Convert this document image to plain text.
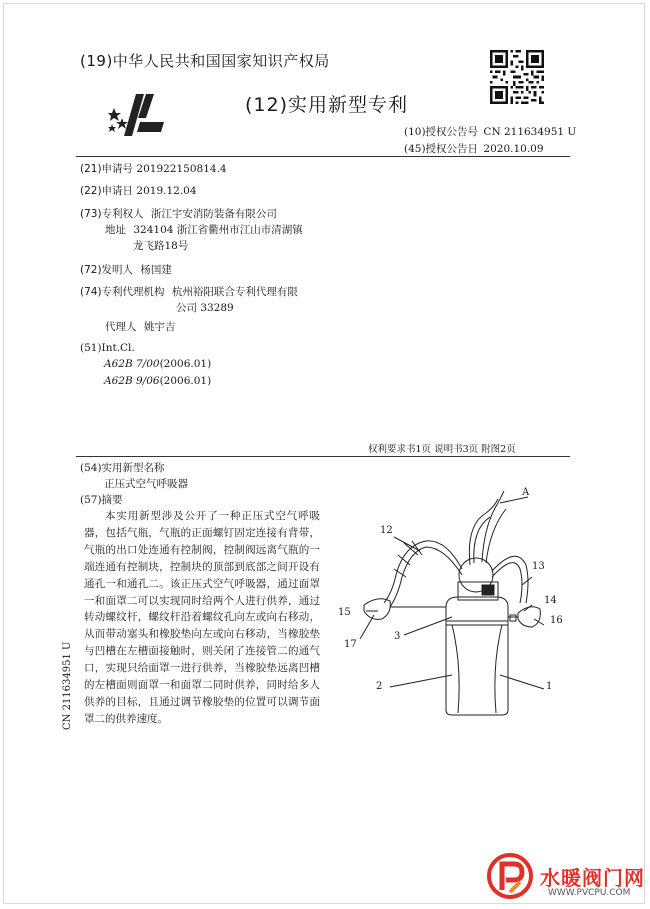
(19)中华人民共和国国家知识产权局
(12)实用新型专利
(10)授权公告号 CN 211634951 U
(45)授权公告日 2020.10.09
(21)申请号 201922150814.4
(22)申请日 2019.12.04
(73)专利权人 浙江宇安消防装备有限公司
地址 324104 浙江省衢州市江山市清湖镇
龙飞路18号
(72)发明人 杨国建
(74)专利代理机构 杭州裕阳联合专利代理有限
公司 33289
代理人 姚宇吉
(51)Int.Cl.
A62B 7/00(2006.01)
A62B 9/06(2006.01)
权利要求书1页 说明书3页 附图2页
(54)实用新型名称
正压式空气呼吸器
(57)摘要
本实用新型涉及公开了一种正压式空气呼吸器，包括气瓶，气瓶的正面螺钉固定连接有背带，气瓶的出口处连通有控制阀，控制阀远离气瓶的一端连通有控制块，控制块的顶部到底部之间开设有通孔一和通孔二。该正压式空气呼吸器，通过面罩一和面罩二可以实现同时给两个人进行供养，通过转动螺纹杆，螺纹杆沿着螺纹孔向左或向右移动，从而带动塞头和橡胶垫向左或向右移动，当橡胶垫与凹槽在左槽面接触时，则关闭了连接管二的通气口，实现只给面罩一进行供养，当橡胶垫远离凹槽的左槽面则面罩一和面罩二同时供养，同时给多人供养的目标，且通过调节橡胶垫的位置可以调节面罩二的供养速度。
A
12
13
14
15
16
17
3
2	1
CN 211634951 U
水暖阀门网
WWW.PVCPU.COM
